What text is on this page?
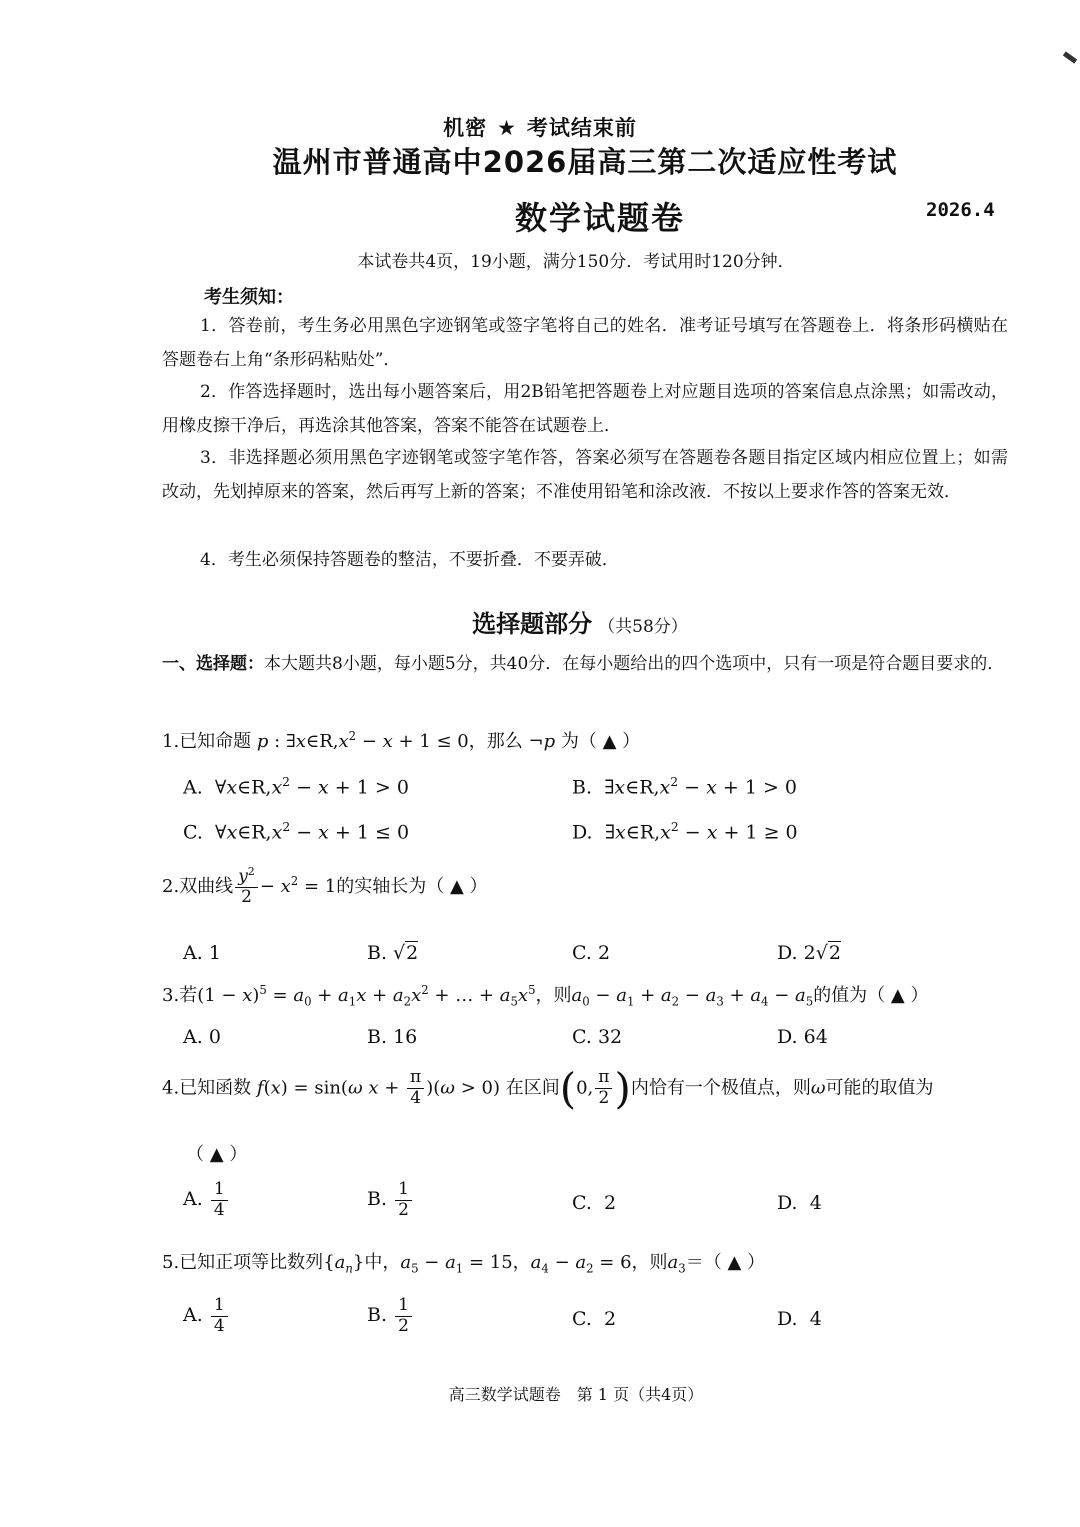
机密 ★ 考试结束前
温州市普通高中2026届高三第二次适应性考试
数学试题卷	2026.4
本试卷共4页，19小题，满分150分．考试用时120分钟．
考生须知：
1．答卷前，考生务必用黑色字迹钢笔或签字笔将自己的姓名．准考证号填写在答题卷上．将条形码横贴在答题卷右上角“条形码粘贴处”．
2．作答选择题时，选出每小题答案后，用2B铅笔把答题卷上对应题目选项的答案信息点涂黑；如需改动，用橡皮擦干净后，再选涂其他答案，答案不能答在试题卷上．
3．非选择题必须用黑色字迹钢笔或签字笔作答，答案必须写在答题卷各题目指定区域内相应位置上；如需改动，先划掉原来的答案，然后再写上新的答案；不准使用铅笔和涂改液．不按以上要求作答的答案无效．
4．考生必须保持答题卷的整洁，不要折叠．不要弄破．
选择题部分 （共58分）
一、选择题：本大题共8小题，每小题5分，共40分．在每小题给出的四个选项中，只有一项是符合题目要求的．
1.已知命题 p : $\exists x\in R,x^2 - x + 1 \le 0$，那么 ¬p 为（ ▲ ）
A.  $\forall x\in R,x^2 - x + 1 > 0$	B.  $\exists x\in R,x^2 - x + 1 > 0$
C.  $\forall x\in R,x^2 - x + 1 \le 0$	D.  $\exists x\in R,x^2 - x + 1 \ge 0$
2.双曲线 $\frac{y^2}{2} - x^2 = 1$的实轴长为（ ▲ ）
A. 1	B. √2	C. 2	D. 2√2
3.若$(1 - x)^5 = a_0 + a_1x + a_2x^2$ + … + $a_5x^5$，则$a_0 - a_1 + a_2 - a_3 + a_4 - a_5$的值为（ ▲ ）
A. 0	B. 16	C. 32	D. 64
4.已知函数 f(x) = sin(ω $x + \frac{\pi}{4} )(\omega > 0)$ 在区间(0, $\frac{\pi}{2}$ )内恰有一个极值点，则ω可能的取值为
（ ▲ ）
A. $\frac{1}{4}$	B. $\frac{1}{2}$	C. 2	D. 4
5.已知正项等比数列$\{a_n\}$中，$a_5 - a_1 = 15$，$a_4 - a_2 = 6$，则$a_3=$（ ▲ ）
A. $\frac{1}{4}$	B. $\frac{1}{2}$	C. 2	D. 4
高三数学试题卷　第 1 页（共4页）
